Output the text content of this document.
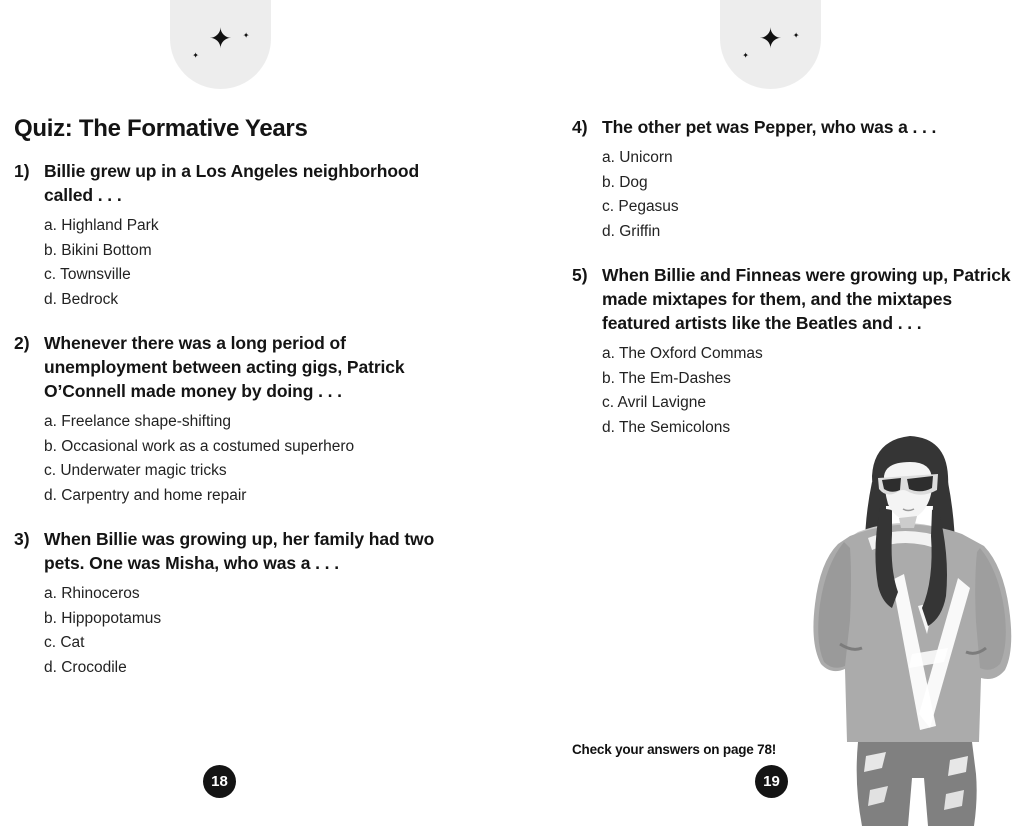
✦
✦
✦	✦
✦
✦
Quiz: The Formative Years
1) Billie grew up in a Los Angeles neighborhood called . . .
a. Highland Park
b. Bikini Bottom
c. Townsville
d. Bedrock
2) Whenever there was a long period of unemployment between acting gigs, Patrick O’Connell made money by doing . . .
a. Freelance shape-shifting
b. Occasional work as a costumed superhero
c. Underwater magic tricks
d. Carpentry and home repair
3) When Billie was growing up, her family had two pets. One was Misha, who was a . . .
a. Rhinoceros
b. Hippopotamus
c. Cat
d. Crocodile
4) The other pet was Pepper, who was a . . .
a. Unicorn
b. Dog
c. Pegasus
d. Griffin
5) When Billie and Finneas were growing up, Patrick made mixtapes for them, and the mixtapes featured artists like the Beatles and . . .
a. The Oxford Commas
b. The Em-Dashes
c. Avril Lavigne
d. The Semicolons
Check your answers on page 78!
18	19
